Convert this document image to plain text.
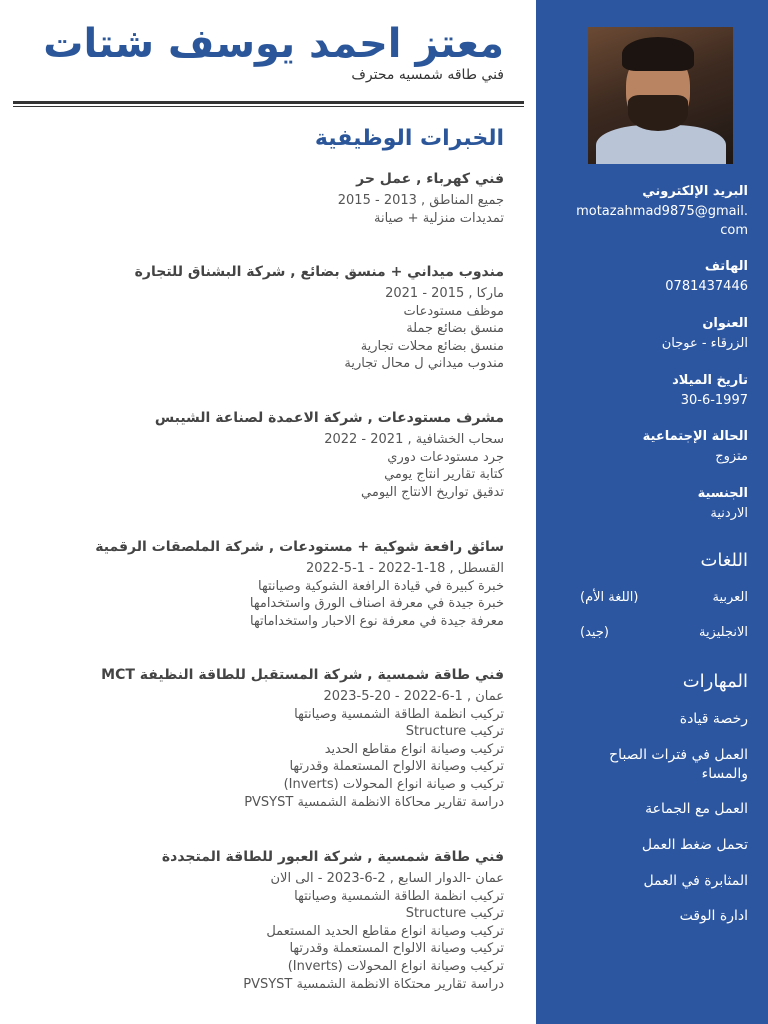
معتز احمد يوسف شتات
فني طاقه شمسيه محترف
الخبرات الوظيفية
فني كهرباء , عمل حر
جميع المناطق , 2013 - 2015
تمديدات منزلية + صيانة
مندوب ميداني + منسق بضائع , شركة البشناق للتجارة
ماركا , 2015 - 2021
موظف مستودعات
منسق بضائع جملة
منسق بضائع محلات تجارية
مندوب ميداني ل محال تجارية
مشرف مستودعات , شركة الاعمدة لصناعة الشيبس
سحاب الخشافية , 2021 - 2022
جرد مستودعات دوري
كتابة تقارير انتاج يومي
تدقيق تواريخ الانتاج اليومي
سائق رافعة شوكية + مستودعات , شركة الملصقات الرقمية
القسطل , 18-1-2022 - 1-5-2022
خبرة كبيرة في قيادة الرافعة الشوكية وصيانتها
خبرة جيدة في معرفة اصناف الورق واستخدامها
معرفة جيدة في معرفة نوع الاحبار واستخداماتها
فني طاقة شمسية , شركة المستقبل للطاقة النظيفة MCT
عمان , 1-6-2022 - 20-5-2023
تركيب انظمة الطاقة الشمسية وصيانتها
تركيب Structure
تركيب وصيانة انواع مقاطع الحديد
تركيب وصيانة الالواح المستعملة وقدرتها
تركيب و صيانة انواع المحولات (Inverts)
دراسة تقارير محاكاة الانظمة الشمسية PVSYST
فني طاقة شمسية , شركة العبور للطاقة المتجددة
عمان -الدوار السابع , 2-6-2023 - الى الان
تركيب انظمة الطاقة الشمسية وصيانتها
تركيب Structure
تركيب وصيانة انواع مقاطع الحديد المستعمل
تركيب وصيانة الالواح المستعملة وقدرتها
تركيب وصيانة انواع المحولات (Inverts)
دراسة تقارير محتكاة الانظمة الشمسية PVSYST
البريد الإلكتروني
motazahmad9875@gmail.
com
الهاتف
0781437446
العنوان
الزرقاء - عوجان
تاريخ الميلاد
30-6-1997
الحالة الإجتماعية
متزوج
الجنسية
الاردنية
اللغات
العربية
(اللغة الأم)
الانجليزية
(جيد)
المهارات
رخصة قيادة
العمل في فترات الصباح
والمساء
العمل مع الجماعة
تحمل ضغط العمل
المثابرة في العمل
ادارة الوقت
